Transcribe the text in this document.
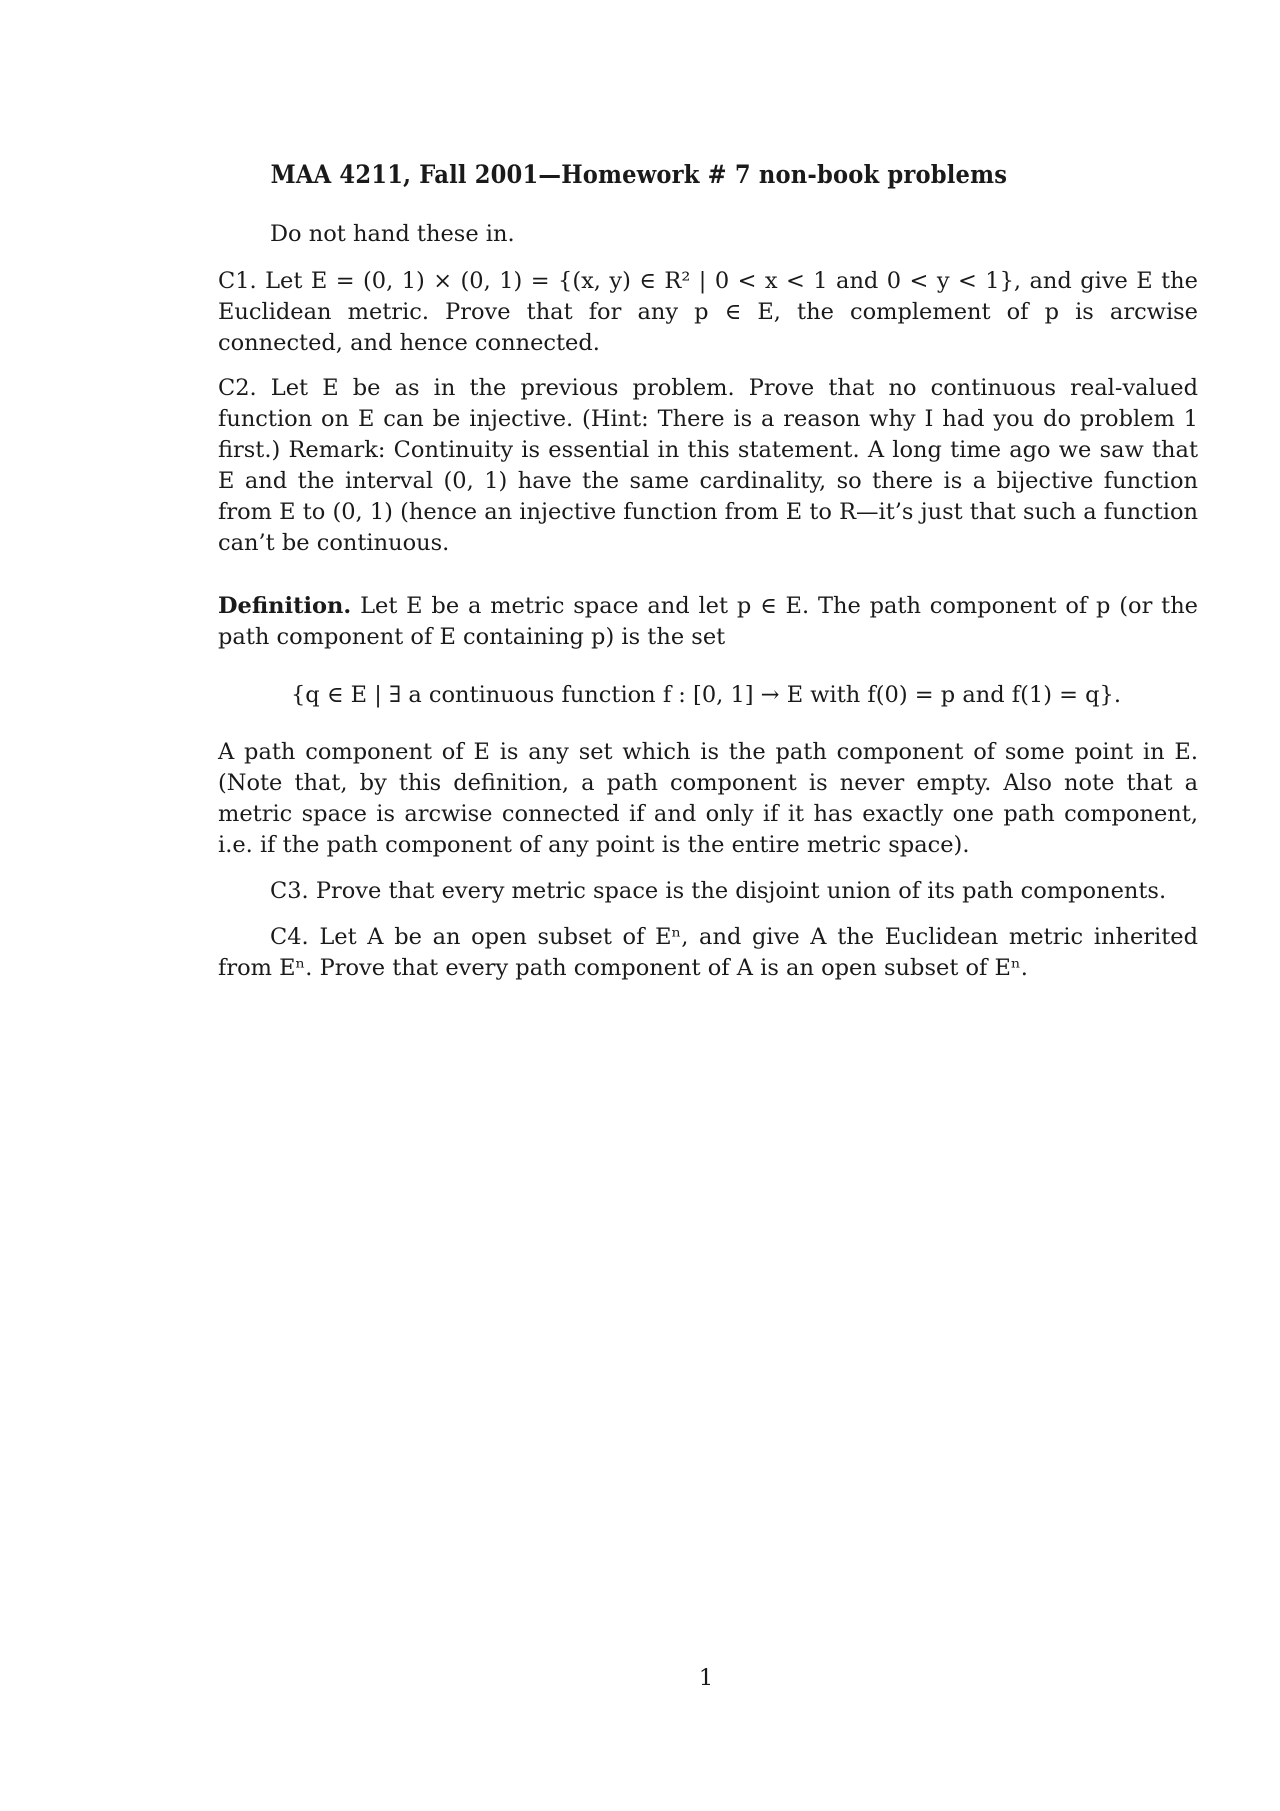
MAA 4211, Fall 2001—Homework # 7 non-book problems
Do not hand these in.
C1. Let E = (0, 1) × (0, 1) = {(x, y) ∈ R² | 0 < x < 1 and 0 < y < 1}, and give E the Euclidean metric. Prove that for any p ∈ E, the complement of p is arcwise connected, and hence connected.
C2. Let E be as in the previous problem. Prove that no continuous real-valued function on E can be injective. (Hint: There is a reason why I had you do problem 1 first.) Remark: Continuity is essential in this statement. A long time ago we saw that E and the interval (0, 1) have the same cardinality, so there is a bijective function from E to (0, 1) (hence an injective function from E to R—it’s just that such a function can’t be continuous.
Definition. Let E be a metric space and let p ∈ E. The path component of p (or the path component of E containing p) is the set
{q ∈ E | ∃ a continuous function f : [0, 1] → E with f(0) = p and f(1) = q}.
A path component of E is any set which is the path component of some point in E. (Note that, by this definition, a path component is never empty. Also note that a metric space is arcwise connected if and only if it has exactly one path component, i.e. if the path component of any point is the entire metric space).
C3. Prove that every metric space is the disjoint union of its path components.
C4. Let A be an open subset of Eⁿ, and give A the Euclidean metric inherited from Eⁿ. Prove that every path component of A is an open subset of Eⁿ.
1
